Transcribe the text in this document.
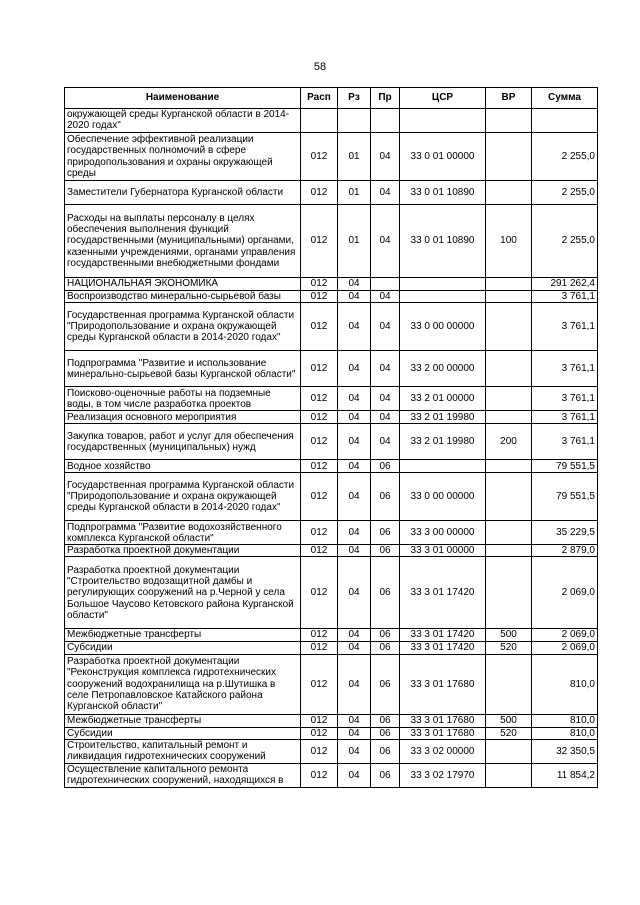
58
Наименование	Расп	Рз	Пр	ЦСР	ВР	Сумма
окружающей среды Курганской области в 2014-2020 годах"						
Обеспечение эффективной реализации государственных полномочий в сфере природопользования и охраны окружающей среды	012	01	04	33 0 01 00000		2 255,0
Заместители Губернатора Курганской области	012	01	04	33 0 01 10890		2 255,0
Расходы на выплаты персоналу в целях обеспечения выполнения функций государственными (муниципальными) органами, казенными учреждениями, органами управления государственными внебюджетными фондами	012	01	04	33 0 01 10890	100	2 255,0
НАЦИОНАЛЬНАЯ ЭКОНОМИКА	012	04				291 262,4
Воспроизводство минерально-сырьевой базы	012	04	04			3 761,1
Государственная программа Курганской области "Природопользование и охрана окружающей среды Курганской области в 2014-2020 годах"	012	04	04	33 0 00 00000		3 761,1
Подпрограмма "Развитие и использование минерально-сырьевой базы Курганской области"	012	04	04	33 2 00 00000		3 761,1
Поисково-оценочные работы на подземные воды, в том числе разработка проектов	012	04	04	33 2 01 00000		3 761,1
Реализация основного мероприятия	012	04	04	33 2 01 19980		3 761,1
Закупка товаров, работ и услуг для обеспечения государственных (муниципальных) нужд	012	04	04	33 2 01 19980	200	3 761,1
Водное хозяйство	012	04	06			79 551,5
Государственная программа Курганской области "Природопользование и охрана окружающей среды Курганской области в 2014-2020 годах"	012	04	06	33 0 00 00000		79 551,5
Подпрограмма "Развитие водохозяйственного комплекса Курганской области"	012	04	06	33 3 00 00000		35 229,5
Разработка проектной документации	012	04	06	33 3 01 00000		2 879,0
Разработка проектной документации "Строительство водозащитной дамбы и регулирующих сооружений на р.Черной у села Большое Чаусово Кетовского района Курганской области"	012	04	06	33 3 01 17420		2 069,0
Межбюджетные трансферты	012	04	06	33 3 01 17420	500	2 069,0
Субсидии	012	04	06	33 3 01 17420	520	2 069,0
Разработка проектной документации "Реконструкция комплекса гидротехнических сооружений водохранилища на р.Шутишка в селе Петропавловское Катайского района Курганской области"	012	04	06	33 3 01 17680		810,0
Межбюджетные трансферты	012	04	06	33 3 01 17680	500	810,0
Субсидии	012	04	06	33 3 01 17680	520	810,0
Строительство, капитальный ремонт и ликвидация гидротехнических сооружений	012	04	06	33 3 02 00000		32 350,5
Осуществление капитального ремонта гидротехнических сооружений, находящихся в	012	04	06	33 3 02 17970		11 854,2
